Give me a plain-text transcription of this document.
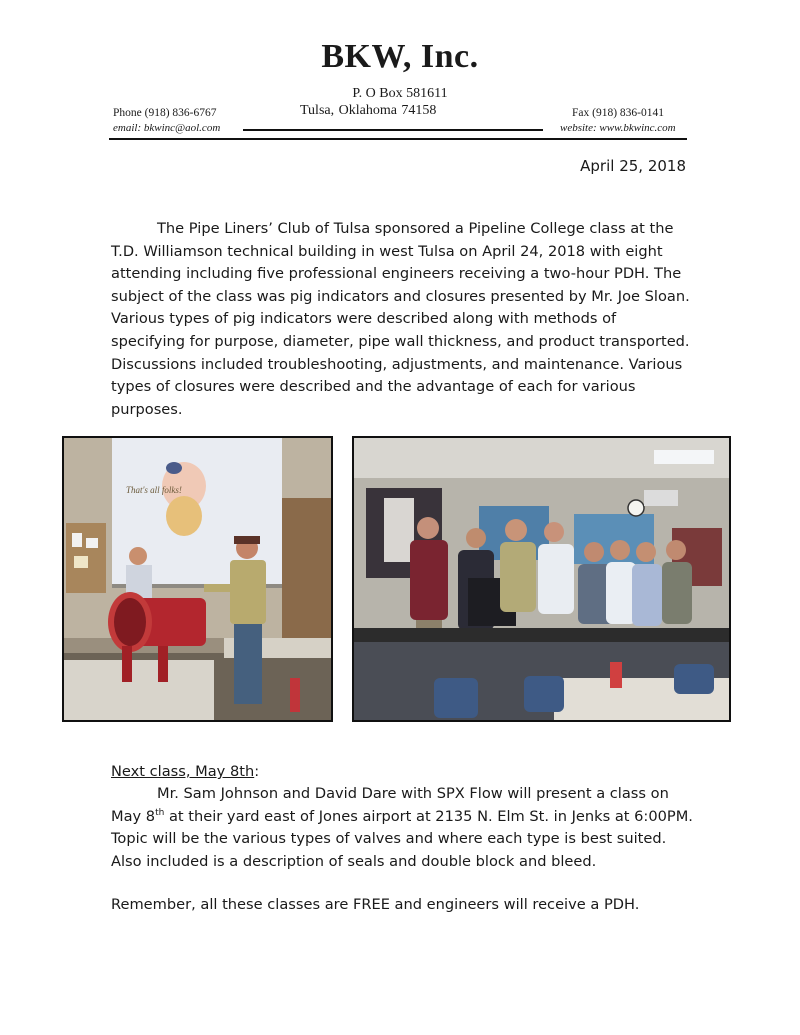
BKW, Inc.
P. O Box 581611
Tulsa, Oklahoma 74158
Phone (918) 836-6767
email: bkwinc@aol.com
Fax (918) 836-0141
website: www.bkwinc.com
April 25, 2018

The Pipe Liners’ Club of Tulsa sponsored a Pipeline College class at the T.D. Williamson technical building in west Tulsa on April 24, 2018 with eight attending including five professional engineers receiving a two-hour PDH. The subject of the class was pig indicators and closures presented by Mr. Joe Sloan. Various types of pig indicators were described along with methods of specifying for purpose, diameter, pipe wall thickness, and product transported. Discussions included troubleshooting, adjustments, and maintenance. Various types of closures were described and the advantage of each for various purposes.

That's all folks!
Next class, May 8th:

Mr. Sam Johnson and David Dare with SPX Flow will present a class on May 8th at their yard east of Jones airport at 2135 N. Elm St. in Jenks at 6:00PM. Topic will be the various types of valves and where each type is best suited. Also included is a description of seals and double block and bleed.

Remember, all these classes are FREE and engineers will receive a PDH.
